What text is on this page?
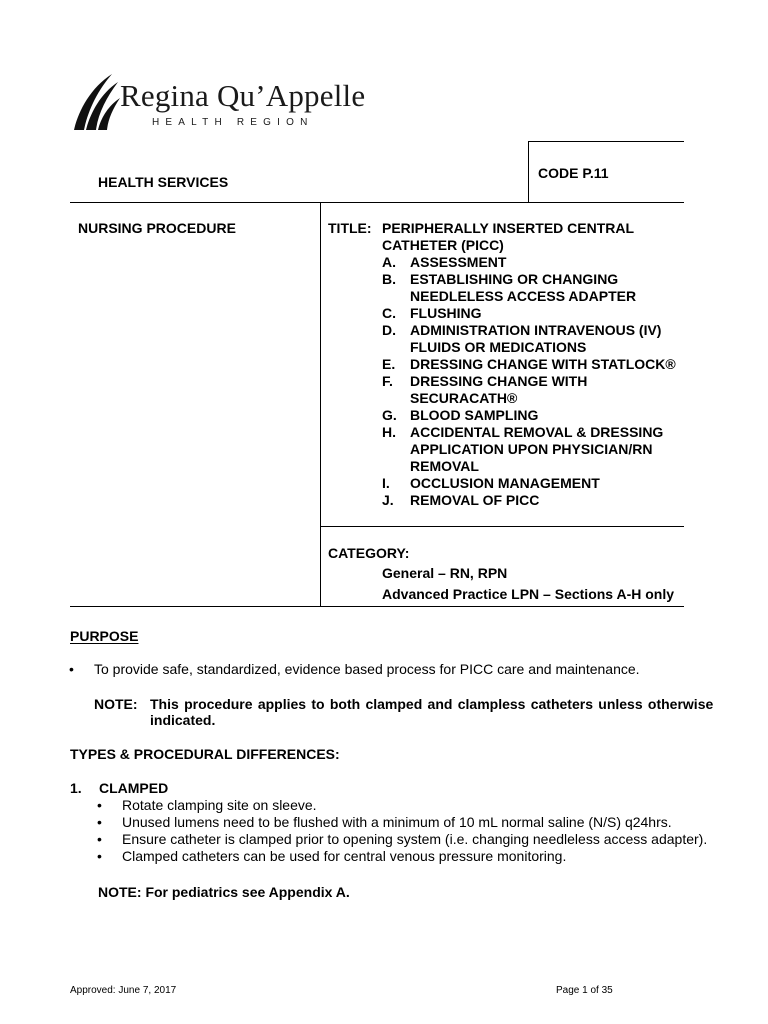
Regina Qu’Appelle
HEALTH REGION
HEALTH SERVICES
CODE P.11
NURSING PROCEDURE	TITLE: PERIPHERALLY INSERTED CENTRAL
CATHETER (PICC)
A. ASSESSMENT
B. ESTABLISHING OR CHANGING
NEEDLELESS ACCESS ADAPTER
C. FLUSHING
D. ADMINISTRATION INTRAVENOUS (IV)
FLUIDS OR MEDICATIONS
E. DRESSING CHANGE WITH STATLOCK®
F. DRESSING CHANGE WITH
SECURACATH®
G. BLOOD SAMPLING
H. ACCIDENTAL REMOVAL & DRESSING
APPLICATION UPON PHYSICIAN/RN
REMOVAL
I. OCCLUSION MANAGEMENT
J. REMOVAL OF PICC
CATEGORY:
General – RN, RPN
Advanced Practice LPN – Sections A-H only
PURPOSE
• To provide safe, standardized, evidence based process for PICC care and maintenance.
NOTE: This procedure applies to both clamped and clampless catheters unless otherwise
indicated.
TYPES & PROCEDURAL DIFFERENCES:
1. CLAMPED
• Rotate clamping site on sleeve.
• Unused lumens need to be flushed with a minimum of 10 mL normal saline (N/S) q24hrs.
• Ensure catheter is clamped prior to opening system (i.e. changing needleless access adapter).
• Clamped catheters can be used for central venous pressure monitoring.
NOTE: For pediatrics see Appendix A.
Approved: June 7, 2017	Page 1 of 35
